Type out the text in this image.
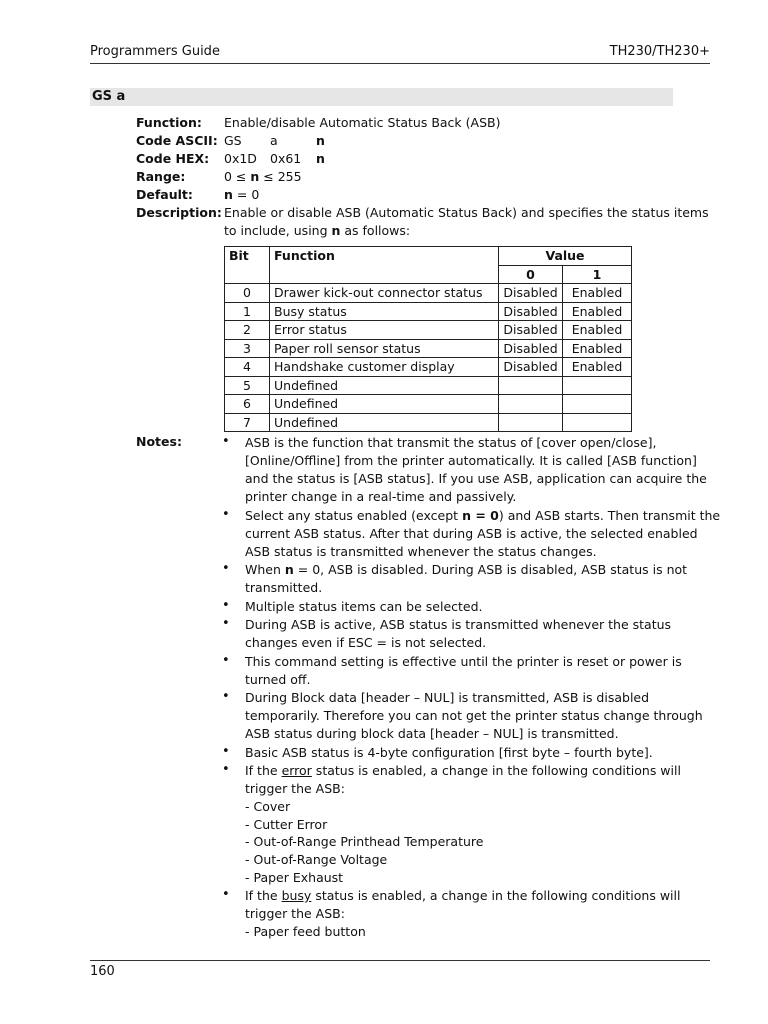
Programmers Guide	TH230/TH230+
GS a
Function:	Enable/disable Automatic Status Back (ASB)
Code ASCII: GS a	n
Code HEX:	0x1D 0x61 n
Range:	0 ≤ n ≤ 255
Default:	n = 0
Description: Enable or disable ASB (Automatic Status Back) and specifies the status items
to include, using n as follows:
Bit	Function	Value	
		0	1
0	Drawer kick-out connector status	Disabled	Enabled
1	Busy status	Disabled	Enabled
2	Error status	Disabled	Enabled
3	Paper roll sensor status	Disabled	Enabled
4	Handshake customer display	Disabled	Enabled
5	Undefined		
6	Undefined		
7	Undefined		
Notes:	• ASB is the function that transmit the status of [cover open/close],
[Online/Offline] from the printer automatically. It is called [ASB function]
and the status is [ASB status]. If you use ASB, application can acquire the
printer change in a real-time and passively.
• Select any status enabled (except n = 0) and ASB starts. Then transmit the
current ASB status. After that during ASB is active, the selected enabled
ASB status is transmitted whenever the status changes.
• When n = 0, ASB is disabled. During ASB is disabled, ASB status is not
transmitted.
• Multiple status items can be selected.
• During ASB is active, ASB status is transmitted whenever the status
changes even if ESC = is not selected.
• This command setting is effective until the printer is reset or power is
turned off.
• During Block data [header – NUL] is transmitted, ASB is disabled
temporarily. Therefore you can not get the printer status change through
ASB status during block data [header – NUL] is transmitted.
• Basic ASB status is 4-byte configuration [first byte – fourth byte].
• If the error status is enabled, a change in the following conditions will
trigger the ASB:
- Cover
- Cutter Error
- Out-of-Range Printhead Temperature
- Out-of-Range Voltage
- Paper Exhaust
• If the busy status is enabled, a change in the following conditions will
trigger the ASB:
- Paper feed button
160
